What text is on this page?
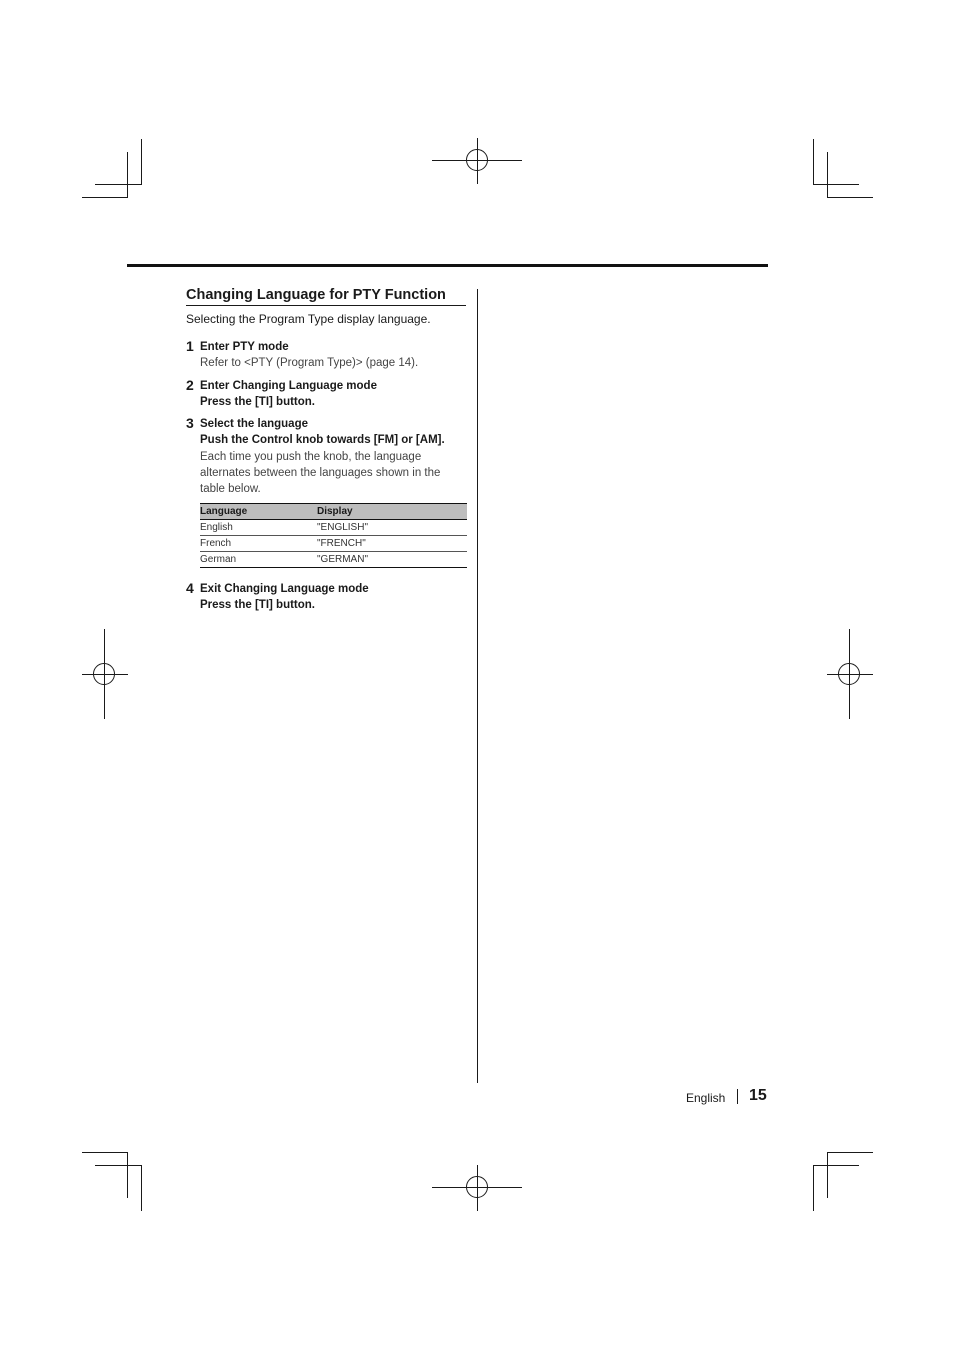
Changing Language for PTY Function
Selecting the Program Type display language.
1 Enter PTY mode
Refer to <PTY (Program Type)> (page 14).
2 Enter Changing Language mode
Press the [TI] button.
3 Select the language
Push the Control knob towards [FM] or [AM].
Each time you push the knob, the language
alternates between the languages shown in the
table below.
Language	Display
English	"ENGLISH"
French	"FRENCH"
German	"GERMAN"
4 Exit Changing Language mode
Press the [TI] button.
English 15
